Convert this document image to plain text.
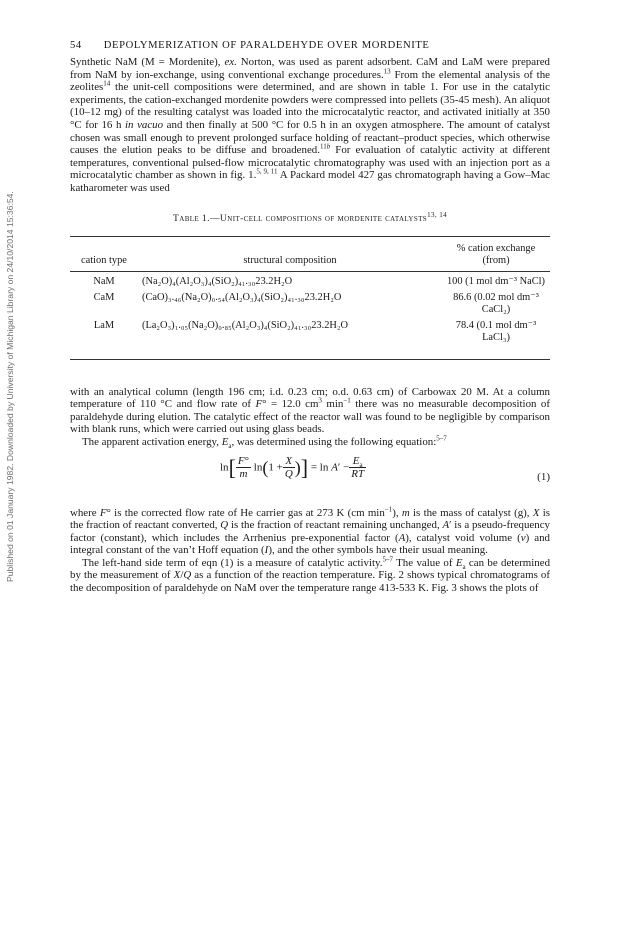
Published on 01 January 1982. Downloaded by University of Michigan Library on 24/10/2014 15:36:54.
54 DEPOLYMERIZATION OF PARALDEHYDE OVER MORDENITE

Synthetic NaM (M = Mordenite), ex. Norton, was used as parent adsorbent. CaM and LaM were prepared from NaM by ion-exchange, using conventional exchange procedures.$^{13}$ From the elemental analysis of the zeolites$^{14}$ the unit-cell compositions were determined, and are shown in table 1. For use in the catalytic experiments, the cation-exchanged mordenite powders were compressed into pellets (35-45 mesh). An aliquot (10–12 mg) of the resulting catalyst was loaded into the microcatalytic reactor, and activated initially at 350 °C for 16 h in vacuo and then finally at 500 °C for 0.5 h in an oxygen atmosphere. The amount of catalyst chosen was small enough to prevent prolonged surface holding of reactant–product species, which otherwise causes the elution peaks to be diffuse and broadened.$^{11b}$ For evaluation of catalytic activity at different temperatures, conventional pulsed-flow microcatalytic chromatography was used with an injection port as a microcatalytic chamber as shown in fig. 1.$^{5, 9, 11}$ A Packard model 427 gas chromatograph having a Gow–Mac katharometer was used

Table 1.—Unit-cell compositions of mordenite catalysts$^{13, 14}$

cation type	structural composition	% cation exchange (from)
NaM	(Na₂O)₄(Al₂O₃)₄(SiO₂)₄₁.₃₀23.2H₂O	100 (1 mol dm⁻³ NaCl)
CaM	(CaO)₃.₄₆(Na₂O)₀.₅₄(Al₂O₃)₄(SiO₂)₄₁.₃₀23.2H₂O	86.6 (0.02 mol dm⁻³ CaCl₂)
LaM	(La₂O₃)₁.₀₅(Na₂O)₀.₈₅(Al₂O₃)₄(SiO₂)₄₁.₃₀23.2H₂O	78.4 (0.1 mol dm⁻³ LaCl₃)

with an analytical column (length 196 cm; i.d. 0.23 cm; o.d. 0.63 cm) of Carbowax 20 M. At a column temperature of 110 °C and flow rate of F° = 12.0 $cm^3$ $\min^{-1}$ there was no measurable decomposition of paraldehyde during elution. The catalytic effect of the reactor wall was found to be negligible by comparison with blank runs, which were carried out using glass beads.

The apparent activation energy, $E_a$, was determined using the following equation:$^{5-7}$

$\ln[ \frac{F^\circ}{m} \ln(1 + \frac{X}{Q}$ )] = $\ln A' - \frac{E_a}{RT}$	(1)

where F° is the corrected flow rate of He carrier gas at 273 K (cm $\min^{-1}$), m is the mass of catalyst (g), X is the fraction of reactant converted, Q is the fraction of reactant remaining unchanged, A′ is a pseudo-frequency factor (constant), which includes the Arrhenius pre-exponential factor (A), catalyst void volume (v) and integral constant of the van’t Hoff equation (I), and the other symbols have their usual meaning.

The left-hand side term of eqn (1) is a measure of catalytic activity.$^{5-7}$ The value of $E_a$ can be determined by the measurement of X/Q as a function of the reaction temperature. Fig. 2 shows typical chromatograms of the decomposition of paraldehyde on NaM over the temperature range 413-533 K. Fig. 3 shows the plots of
